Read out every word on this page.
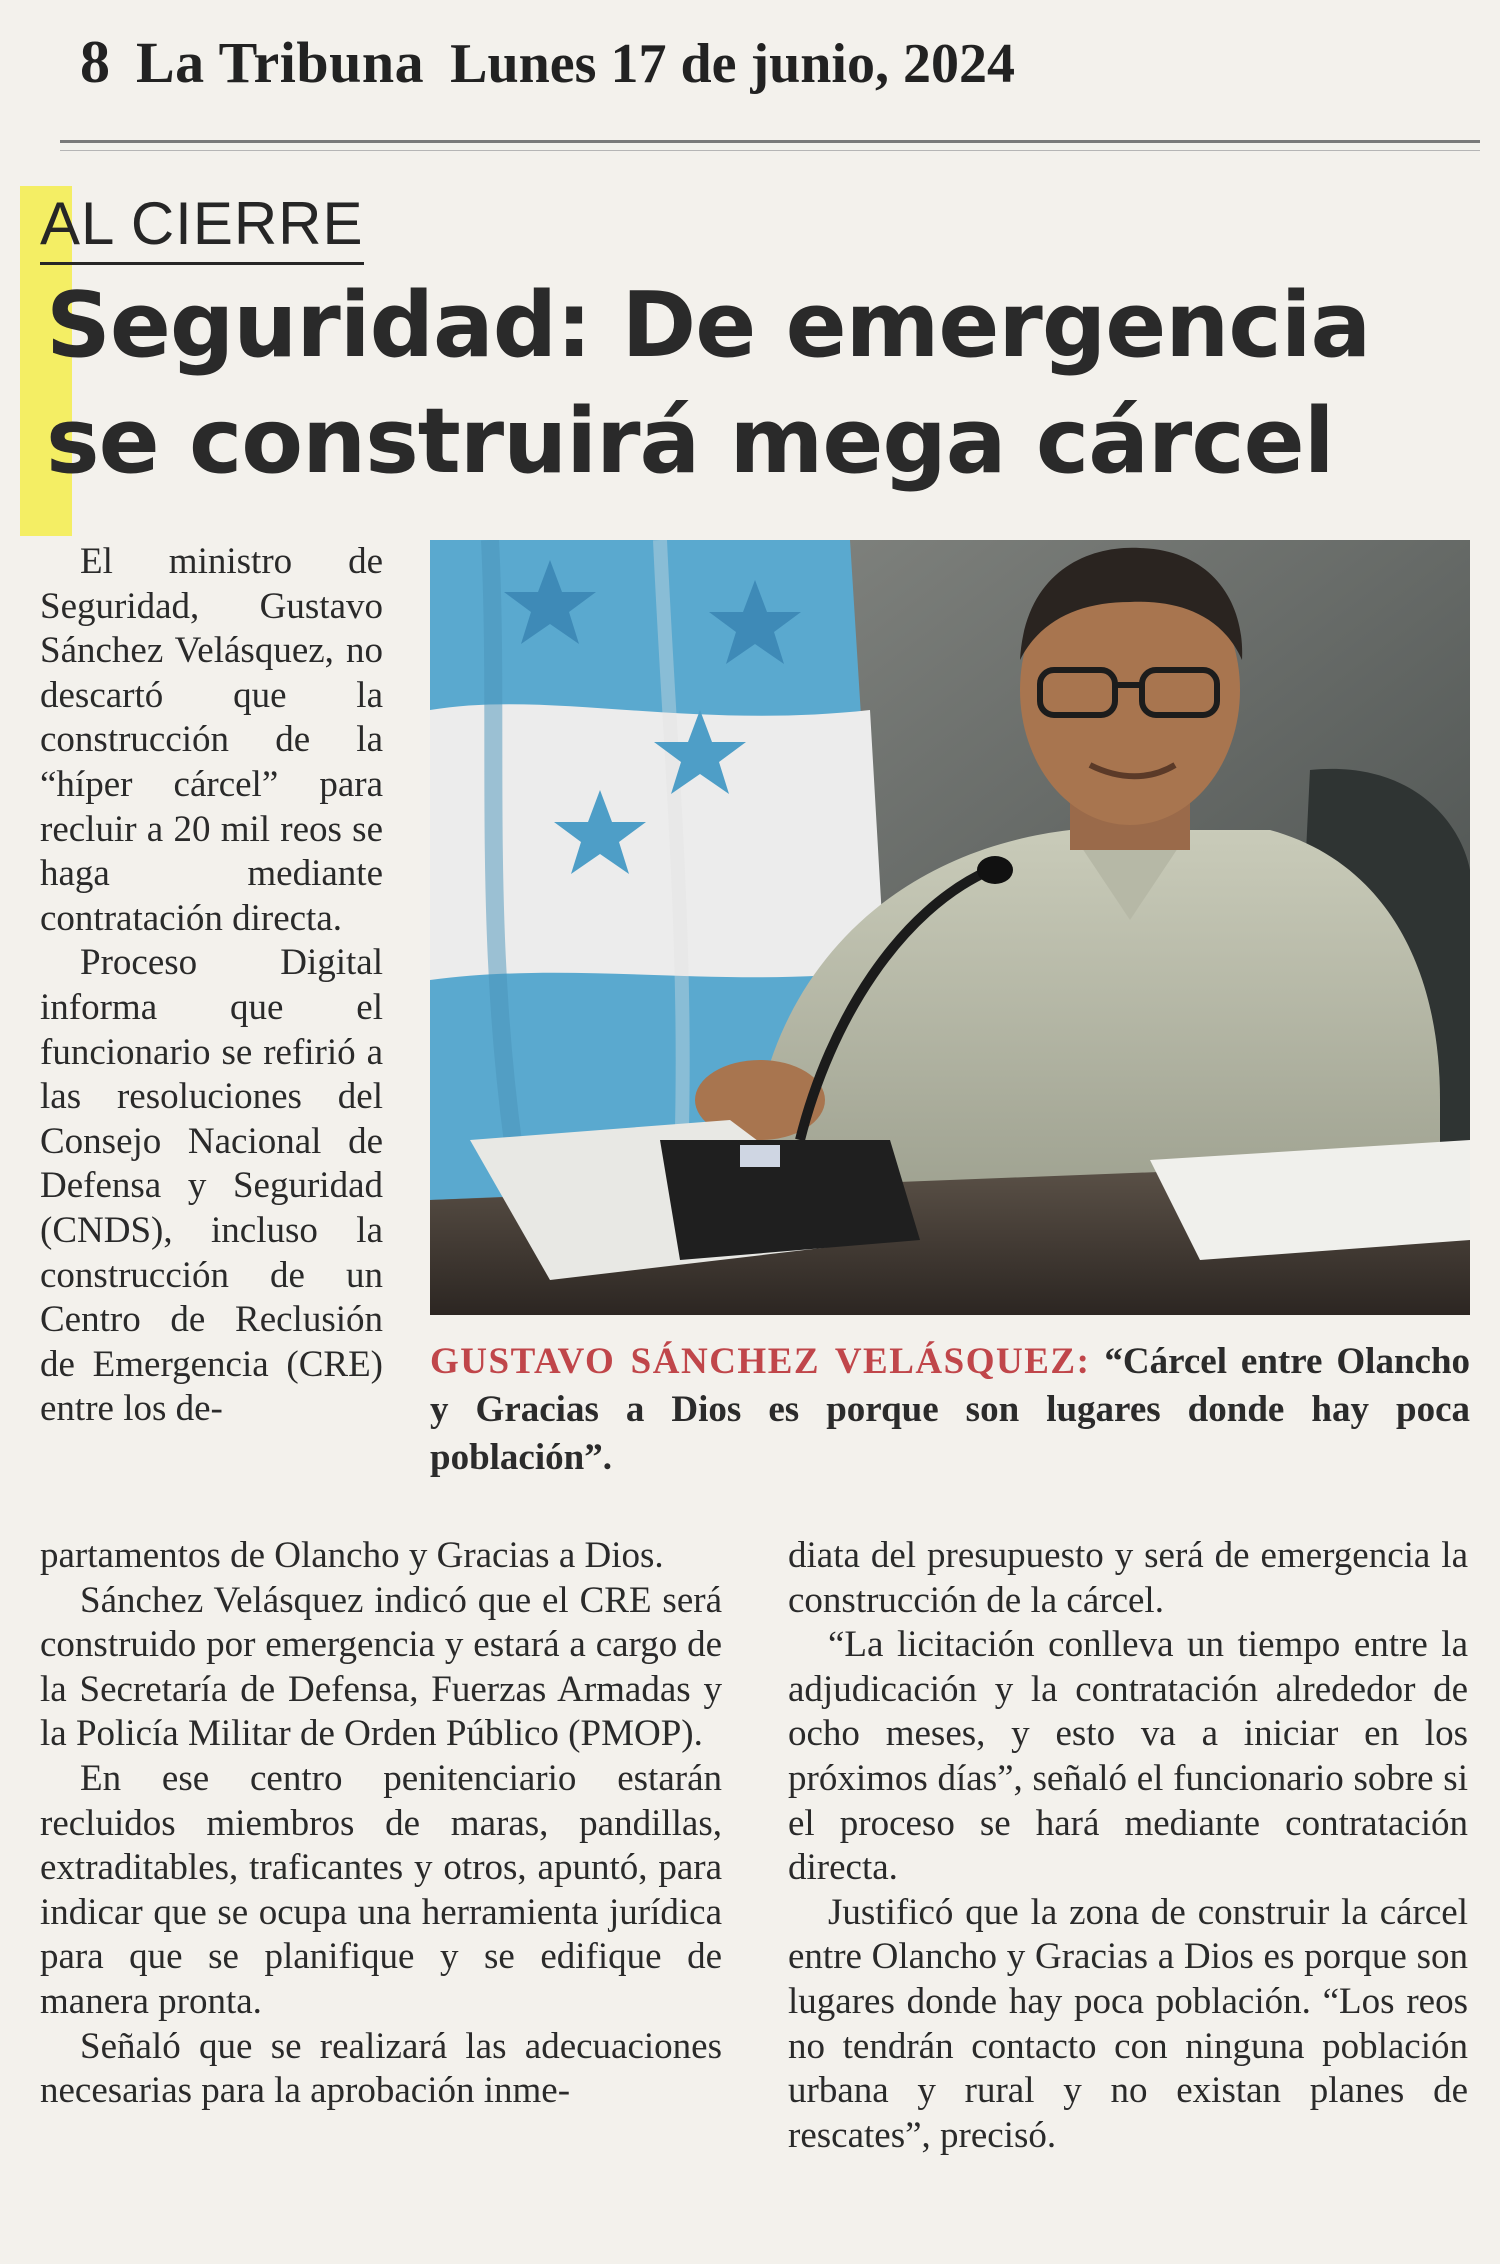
8 La Tribuna Lunes 17 de junio, 2024
AL CIERRE
Seguridad: De emergencia
se construirá mega cárcel

El ministro de Seguridad, Gustavo Sánchez Velásquez, no descartó que la construcción de la “híper cárcel” para recluir a 20 mil reos se haga mediante contratación directa.

Proceso Digital informa que el funcionario se refirió a las resoluciones del Consejo Nacional de Defensa y Seguridad (CNDS), incluso la construcción de un Centro de Reclusión de Emergencia (CRE) entre los de-

GUSTAVO SÁNCHEZ VELÁSQUEZ: “Cárcel entre Olancho y Gracias a Dios es porque son lugares donde hay poca población”.

partamentos de Olancho y Gracias a Dios.

Sánchez Velásquez indicó que el CRE será construido por emergencia y estará a cargo de la Secretaría de Defensa, Fuerzas Armadas y la Policía Militar de Orden Público (PMOP).

En ese centro penitenciario estarán recluidos miembros de maras, pandillas, extraditables, traficantes y otros, apuntó, para indicar que se ocupa una herramienta jurídica para que se planifique y se edifique de manera pronta.

Señaló que se realizará las adecuaciones necesarias para la aprobación inme-

diata del presupuesto y será de emergencia la construcción de la cárcel.

“La licitación conlleva un tiempo entre la adjudicación y la contratación alrededor de ocho meses, y esto va a iniciar en los próximos días”, señaló el funcionario sobre si el proceso se hará mediante contratación directa.

Justificó que la zona de construir la cárcel entre Olancho y Gracias a Dios es porque son lugares donde hay poca población. “Los reos no tendrán contacto con ninguna población urbana y rural y no existan planes de rescates”, precisó.
